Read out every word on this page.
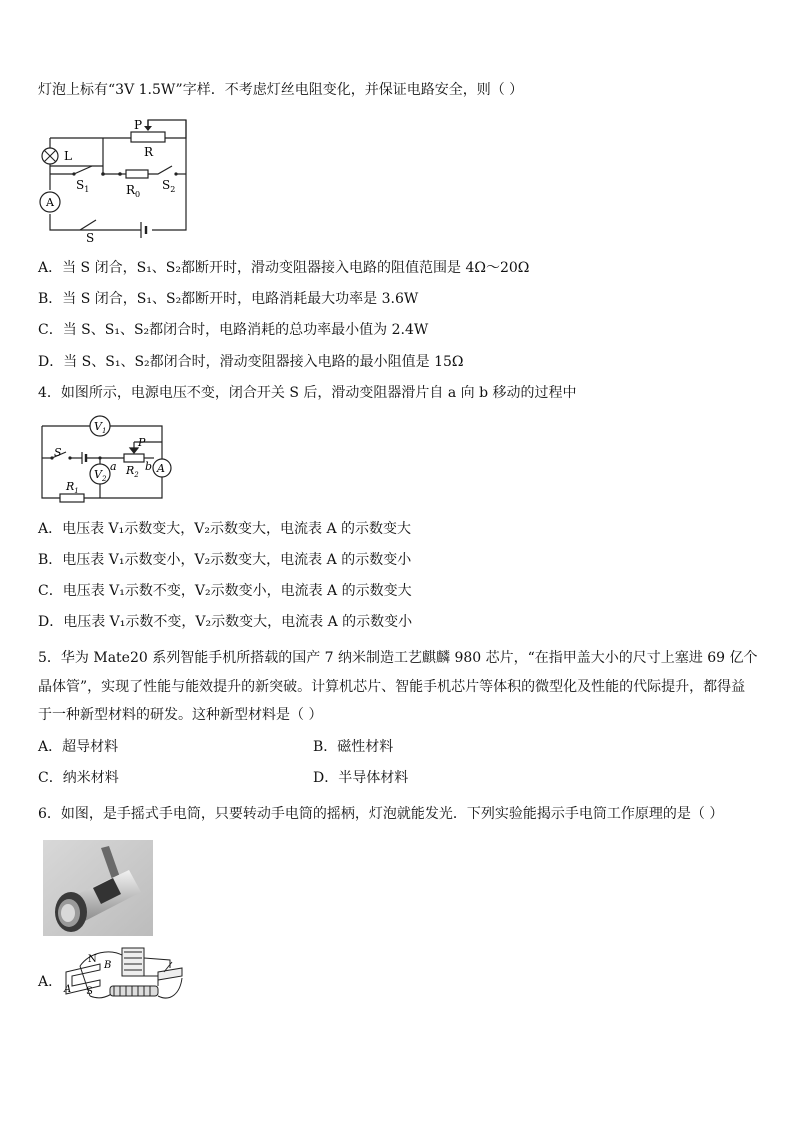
灯泡上标有“3V 1.5W”字样．不考虑灯丝电阻变化，并保证电路安全，则（ ）
P
R
L
$S_1$	$R_0$
$S_2$
A
S
A．当 S 闭合，S₁、S₂都断开时，滑动变阻器接入电路的阻值范围是 4Ω～20Ω
B．当 S 闭合，S₁、S₂都断开时，电路消耗最大功率是 3.6W
C．当 S、S₁、S₂都闭合时，电路消耗的总功率最小值为 2.4W
D．当 S、S₁、S₂都闭合时，滑动变阻器接入电路的最小阻值是 15Ω
4．如图所示，电源电压不变，闭合开关 S 后，滑动变阻器滑片自 a 向 b 移动的过程中
$V_1$
P
S
a $R_2$
b A
$V_2$
$R_1$
A．电压表 V₁示数变大，V₂示数变大，电流表 A 的示数变大
B．电压表 V₁示数变小，V₂示数变大，电流表 A 的示数变小
C．电压表 V₁示数不变，V₂示数变小，电流表 A 的示数变大
D．电压表 V₁示数不变，V₂示数变大，电流表 A 的示数变小
5．华为 Mate20 系列智能手机所搭载的国产 7 纳米制造工艺麒麟 980 芯片，“在指甲盖大小的尺寸上塞进 69 亿个晶体管”，实现了性能与能效提升的新突破。计算机芯片、智能手机芯片等体积的微型化及性能的代际提升，都得益于一种新型材料的研发。这种新型材料是（ ）
A．超导材料	B．磁性材料
C．纳米材料	D．半导体材料
6．如图，是手摇式手电筒，只要转动手电筒的摇柄，灯泡就能发光．下列实验能揭示手电筒工作原理的是（ ）
A．
N
B
A S
